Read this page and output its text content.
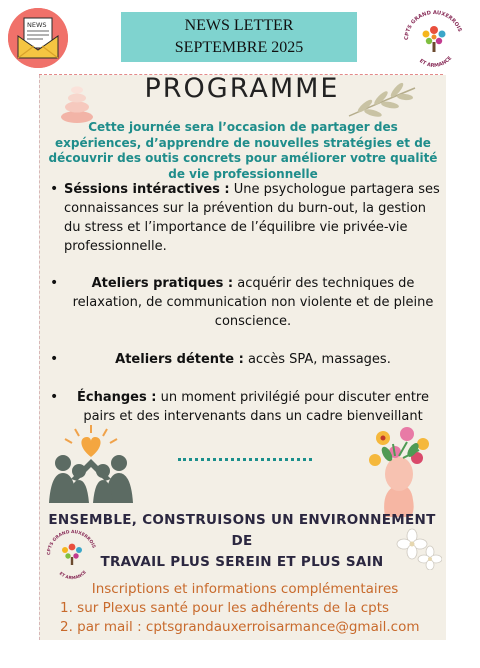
NEWS	NEWS LETTER
SEPTEMBRE 2025
CPTS GRAND AUXERROIS
ET ARMANCE
PROGRAMME
Cette journée sera l’occasion de partager des expériences, d’apprendre de nouvelles stratégies et de découvrir des outis concrets pour améliorer votre qualité de vie professionnelle
• Séssions intéractives : Une psychologue partagera ses connaissances sur la prévention du burn-out, la gestion du stress et l’importance de l’équilibre vie privée-vie professionnelle.
•	Ateliers pratiques : acquérir des techniques de relaxation, de communication non violente et de pleine conscience.
•	Ateliers détente : accès SPA, massages.
•	Échanges : un moment privilégié pour discuter entre pairs et des intervenants dans un cadre bienveillant
ENSEMBLE, CONSTRUISONS UN ENVIRONNEMENT DE
TRAVAIL PLUS SEREIN ET PLUS SAIN
CPTS GRAND AUXERROIS
ET ARMANCE
Inscriptions et informations complémentaires
1. sur Plexus santé pour les adhérents de la cpts
2. par mail : cptsgrandauxerroisarmance@gmail.com
